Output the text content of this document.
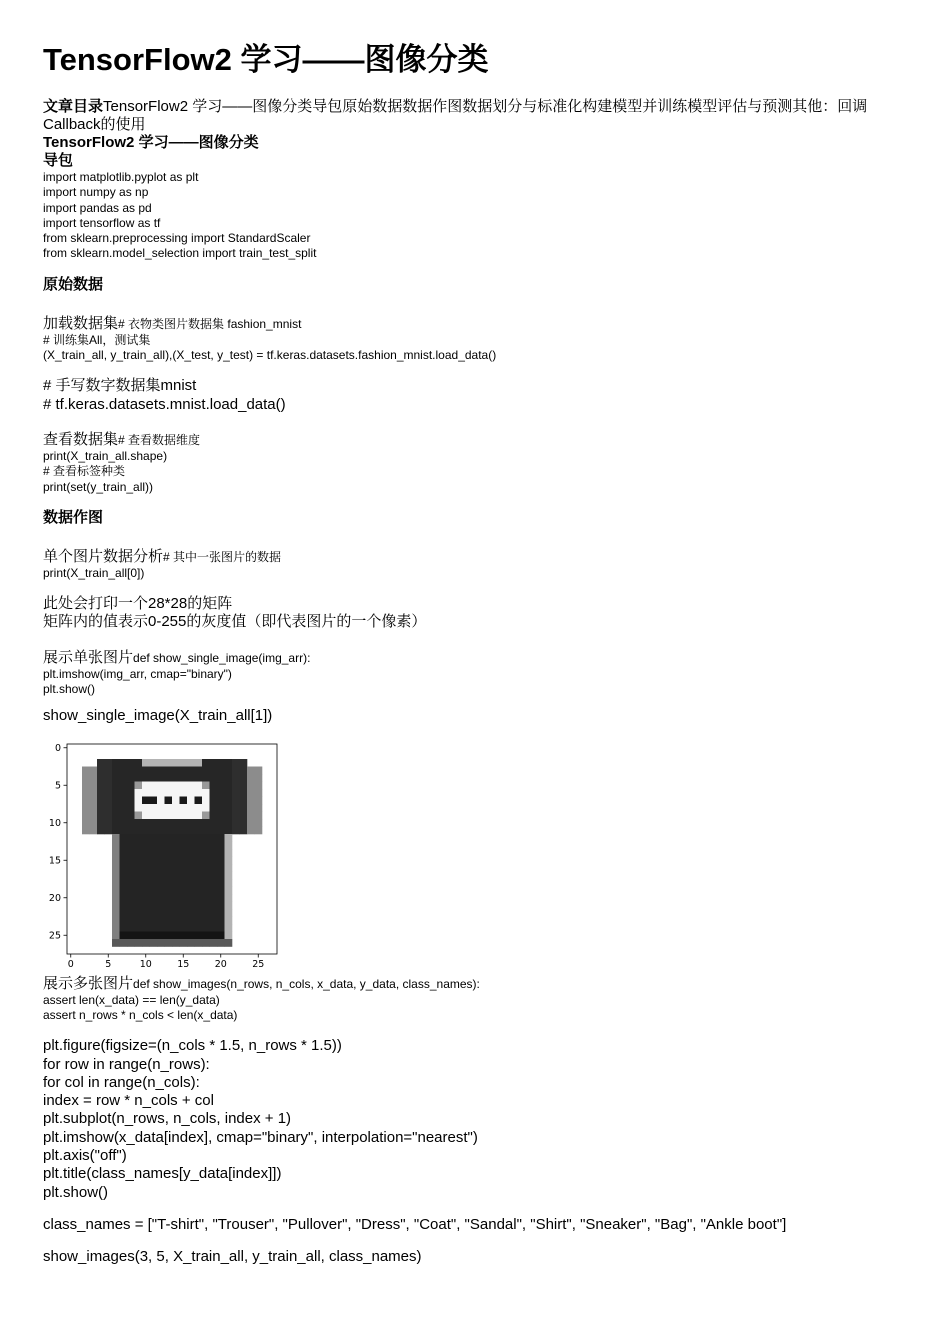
TensorFlow2 学习——图像分类
文章目录TensorFlow2 学习——图像分类导包原始数据数据作图数据划分与标准化构建模型并训练模型评估与预测其他：回调Callback的使用
TensorFlow2 学习——图像分类
导包
import matplotlib.pyplot as plt
import numpy as np
import pandas as pd
import tensorflow as tf
from sklearn.preprocessing import StandardScaler
from sklearn.model_selection import train_test_split
原始数据
加载数据集# 衣物类图片数据集 fashion_mnist
# 训练集All，测试集
(X_train_all, y_train_all),(X_test, y_test) = tf.keras.datasets.fashion_mnist.load_data()
# 手写数字数据集mnist
# tf.keras.datasets.mnist.load_data()
查看数据集# 查看数据维度
print(X_train_all.shape)
# 查看标签种类
print(set(y_train_all))
数据作图
单个图片数据分析# 其中一张图片的数据
print(X_train_all[0])
此处会打印一个28*28的矩阵
矩阵内的值表示0-255的灰度值（即代表图片的一个像素）
展示单张图片def show_single_image(img_arr):
plt.imshow(img_arr, cmap="binary")
plt.show()
show_single_image(X_train_all[1])
0
0
5
5
10
10
15
15
20
20
25
25
展示多张图片def show_images(n_rows, n_cols, x_data, y_data, class_names):
assert len(x_data) == len(y_data)
assert n_rows * n_cols < len(x_data)
plt.figure(figsize=(n_cols * 1.5, n_rows * 1.5))
for row in range(n_rows):
for col in range(n_cols):
index = row * n_cols + col
plt.subplot(n_rows, n_cols, index + 1)
plt.imshow(x_data[index], cmap="binary", interpolation="nearest")
plt.axis("off")
plt.title(class_names[y_data[index]])
plt.show()
class_names = ["T-shirt", "Trouser", "Pullover", "Dress", "Coat", "Sandal", "Shirt", "Sneaker", "Bag", "Ankle boot"]
show_images(3, 5, X_train_all, y_train_all, class_names)
